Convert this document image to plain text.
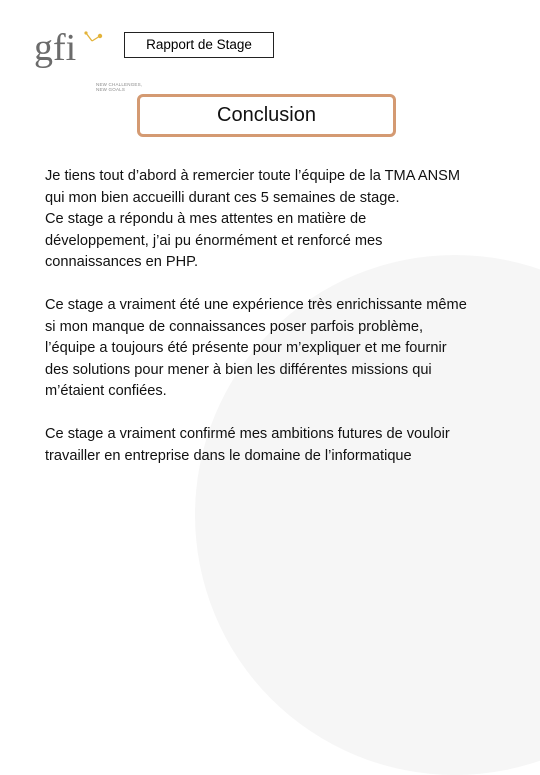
gfi
NEW CHALLENGES, NEW GOALS
Rapport de Stage
Conclusion

Je tiens tout d’abord à remercier toute l’équipe de la TMA ANSM
qui mon bien accueilli durant ces 5 semaines de stage.
Ce stage a répondu à mes attentes en matière de
développement, j’ai pu énormément et renforcé mes
connaissances en PHP.

Ce stage a vraiment été une expérience très enrichissante même
si mon manque de connaissances poser parfois problème,
l’équipe a toujours été présente pour m’expliquer et me fournir
des solutions pour mener à bien les différentes missions qui
m’étaient confiées.

Ce stage a vraiment confirmé mes ambitions futures de vouloir
travailler en entreprise dans le domaine de l’informatique
